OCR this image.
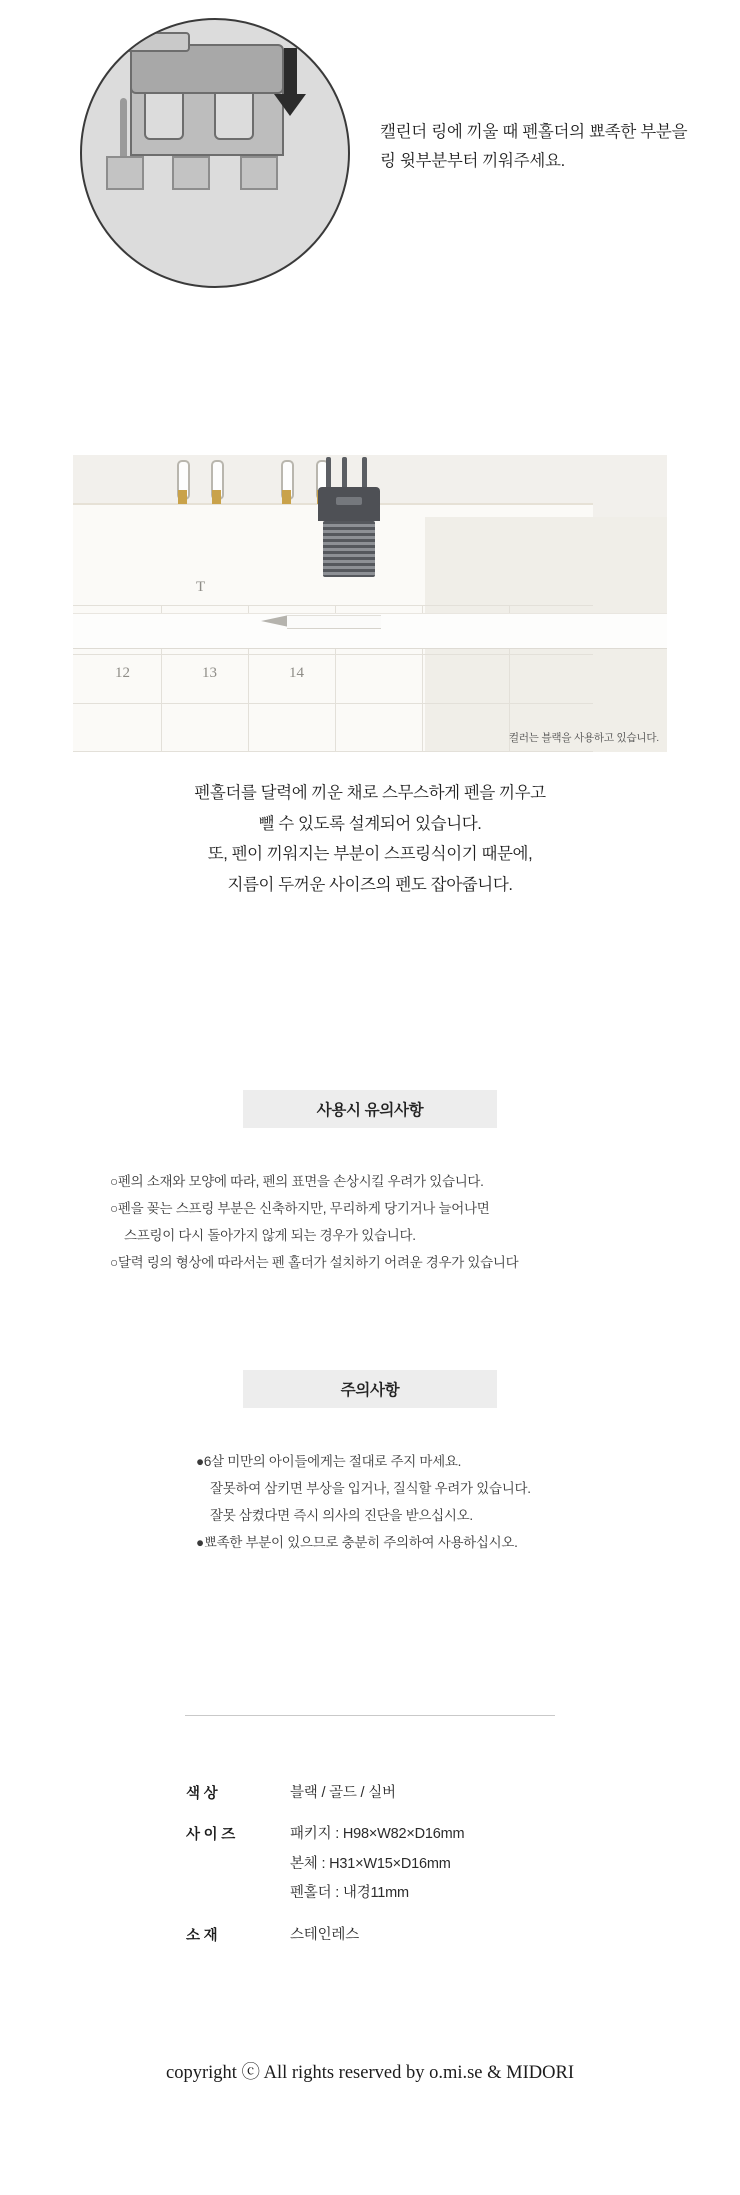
캘린더 링에 끼울 때 펜홀더의 뾰족한 부분을 링 윗부분부터 끼워주세요.
T
12	13	14
컬러는 블랙을 사용하고 있습니다.
펜홀더를 달력에 끼운 채로 스무스하게 펜을 끼우고
뺄 수 있도록 설계되어 있습니다.
또, 펜이 끼워지는 부분이 스프링식이기 때문에,
지름이 두꺼운 사이즈의 펜도 잡아줍니다.
사용시 유의사항
○펜의 소재와 모양에 따라, 펜의 표면을 손상시킬 우려가 있습니다.
○펜을 꽂는 스프링 부분은 신축하지만, 무리하게 당기거나 늘어나면
스프링이 다시 돌아가지 않게 되는 경우가 있습니다.
○달력 링의 형상에 따라서는 펜 홀더가 설치하기 어려운 경우가 있습니다
주의사항
●6살 미만의 아이들에게는 절대로 주지 마세요.
잘못하여 삼키면 부상을 입거나, 질식할 우려가 있습니다.
잘못 삼켰다면 즉시 의사의 진단을 받으십시오.
●뾰족한 부분이 있으므로 충분히 주의하여 사용하십시오.
색 상	블랙 / 골드 / 실버
사 이 즈	패키지 : H98×W82×D16mm
본체 : H31×W15×D16mm
펜홀더 : 내경11mm
소 재	스테인레스
copyright ⓒ All rights reserved by o.mi.se & MIDORI
